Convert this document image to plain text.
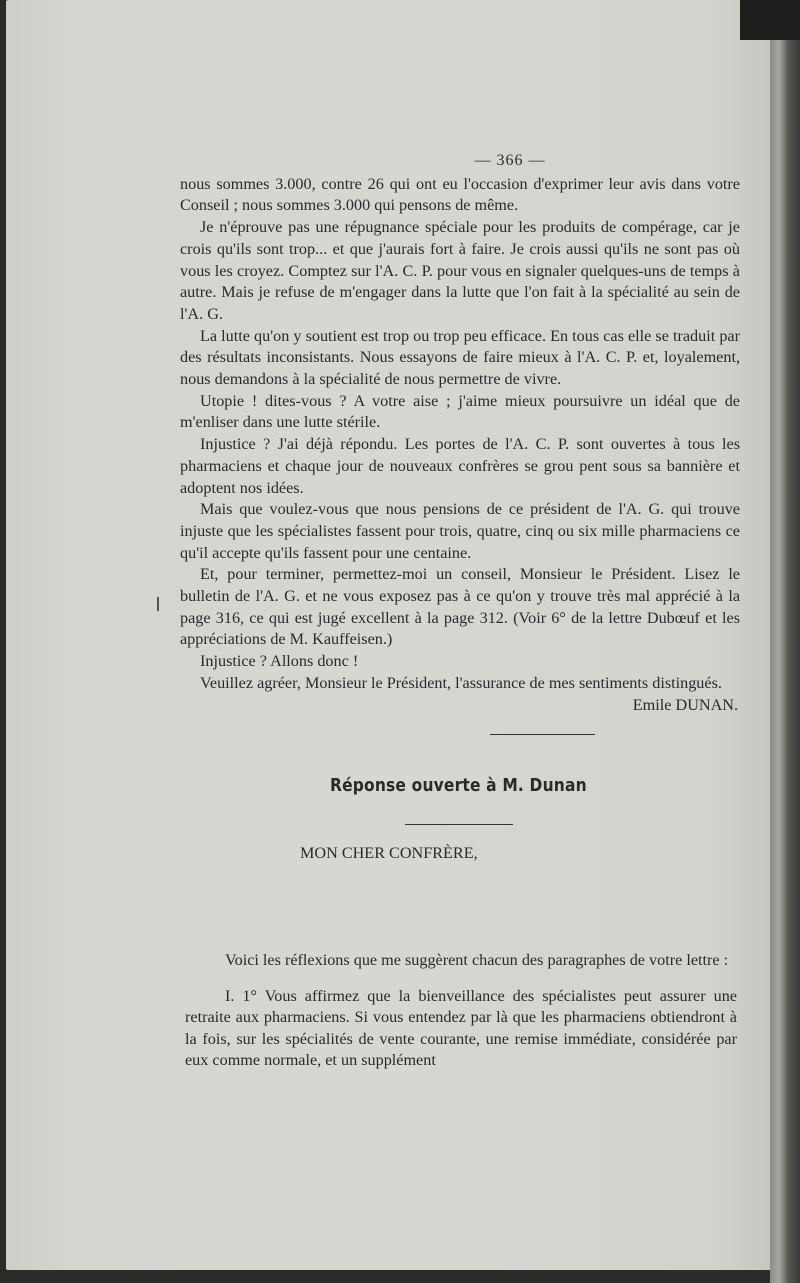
— 366 —

nous sommes 3.000, contre 26 qui ont eu l'occasion d'exprimer leur avis dans votre Conseil ; nous sommes 3.000 qui pensons de même.

Je n'éprouve pas une répugnance spéciale pour les produits de compérage, car je crois qu'ils sont trop... et que j'aurais fort à faire. Je crois aussi qu'ils ne sont pas où vous les croyez. Comptez sur l'A. C. P. pour vous en signaler quelques-uns de temps à autre. Mais je refuse de m'engager dans la lutte que l'on fait à la spécialité au sein de l'A. G.

La lutte qu'on y soutient est trop ou trop peu efficace. En tous cas elle se traduit par des résultats inconsistants. Nous essayons de faire mieux à l'A. C. P. et, loyalement, nous demandons à la spécialité de nous permettre de vivre.

Utopie ! dites-vous ? A votre aise ; j'aime mieux poursuivre un idéal que de m'enliser dans une lutte stérile.

Injustice ? J'ai déjà répondu. Les portes de l'A. C. P. sont ouvertes à tous les pharmaciens et chaque jour de nouveaux confrères se grou pent sous sa bannière et adoptent nos idées.

Mais que voulez-vous que nous pensions de ce président de l'A. G. qui trouve injuste que les spécialistes fassent pour trois, quatre, cinq ou six mille pharmaciens ce qu'il accepte qu'ils fassent pour une centaine.

Et, pour terminer, permettez-moi un conseil, Monsieur le Président. Lisez le bulletin de l'A. G. et ne vous exposez pas à ce qu'on y trouve très mal apprécié à la page 316, ce qui est jugé excellent à la page 312. (Voir 6° de la lettre Dubœuf et les appréciations de M. Kauffeisen.)

Injustice ? Allons donc !

Veuillez agréer, Monsieur le Président, l'assurance de mes sentiments distingués.

Emile DUNAN.

Réponse ouverte à M. Dunan
MON CHER CONFRÈRE,

Voici les réflexions que me suggèrent chacun des paragraphes de votre lettre :

I. 1° Vous affirmez que la bienveillance des spécialistes peut assurer une retraite aux pharmaciens. Si vous entendez par là que les pharmaciens obtiendront à la fois, sur les spécialités de vente courante, une remise immédiate, considérée par eux comme normale, et un supplément
